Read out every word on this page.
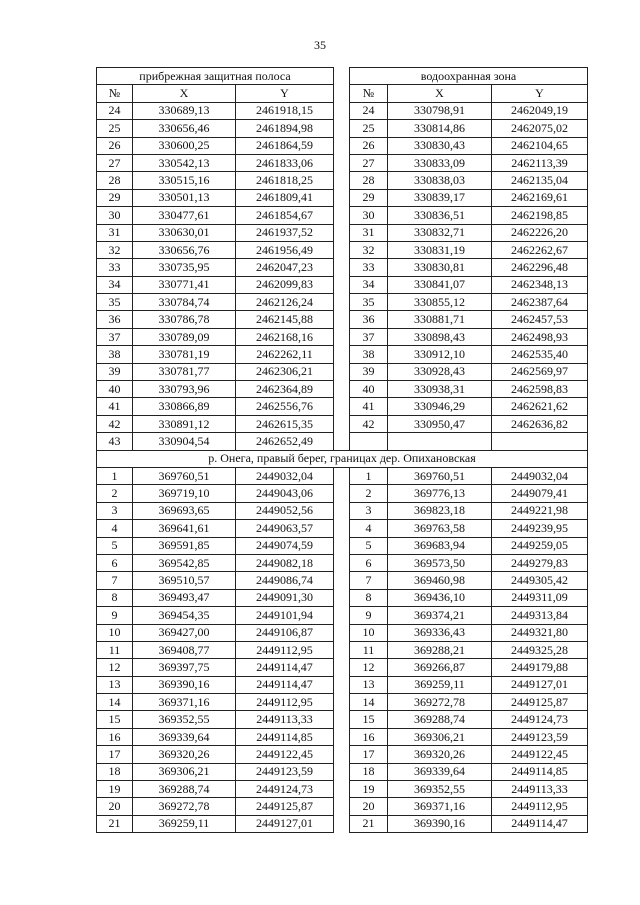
35
прибрежная защитная полоса				водоохранная зона		
№	X	Y		№	X	Y
24	330689,13	2461918,15		24	330798,91	2462049,19
25	330656,46	2461894,98		25	330814,86	2462075,02
26	330600,25	2461864,59		26	330830,43	2462104,65
27	330542,13	2461833,06		27	330833,09	2462113,39
28	330515,16	2461818,25		28	330838,03	2462135,04
29	330501,13	2461809,41		29	330839,17	2462169,61
30	330477,61	2461854,67		30	330836,51	2462198,85
31	330630,01	2461937,52		31	330832,71	2462226,20
32	330656,76	2461956,49		32	330831,19	2462262,67
33	330735,95	2462047,23		33	330830,81	2462296,48
34	330771,41	2462099,83		34	330841,07	2462348,13
35	330784,74	2462126,24		35	330855,12	2462387,64
36	330786,78	2462145,88		36	330881,71	2462457,53
37	330789,09	2462168,16		37	330898,43	2462498,93
38	330781,19	2462262,11		38	330912,10	2462535,40
39	330781,77	2462306,21		39	330928,43	2462569,97
40	330793,96	2462364,89		40	330938,31	2462598,83
41	330866,89	2462556,76		41	330946,29	2462621,62
42	330891,12	2462615,35		42	330950,47	2462636,82
43	330904,54	2462652,49				
р. Онега, правый берег, границах дер. Опихановская						
1	369760,51	2449032,04		1	369760,51	2449032,04
2	369719,10	2449043,06		2	369776,13	2449079,41
3	369693,65	2449052,56		3	369823,18	2449221,98
4	369641,61	2449063,57		4	369763,58	2449239,95
5	369591,85	2449074,59		5	369683,94	2449259,05
6	369542,85	2449082,18		6	369573,50	2449279,83
7	369510,57	2449086,74		7	369460,98	2449305,42
8	369493,47	2449091,30		8	369436,10	2449311,09
9	369454,35	2449101,94		9	369374,21	2449313,84
10	369427,00	2449106,87		10	369336,43	2449321,80
11	369408,77	2449112,95		11	369288,21	2449325,28
12	369397,75	2449114,47		12	369266,87	2449179,88
13	369390,16	2449114,47		13	369259,11	2449127,01
14	369371,16	2449112,95		14	369272,78	2449125,87
15	369352,55	2449113,33		15	369288,74	2449124,73
16	369339,64	2449114,85		16	369306,21	2449123,59
17	369320,26	2449122,45		17	369320,26	2449122,45
18	369306,21	2449123,59		18	369339,64	2449114,85
19	369288,74	2449124,73		19	369352,55	2449113,33
20	369272,78	2449125,87		20	369371,16	2449112,95
21	369259,11	2449127,01		21	369390,16	2449114,47
